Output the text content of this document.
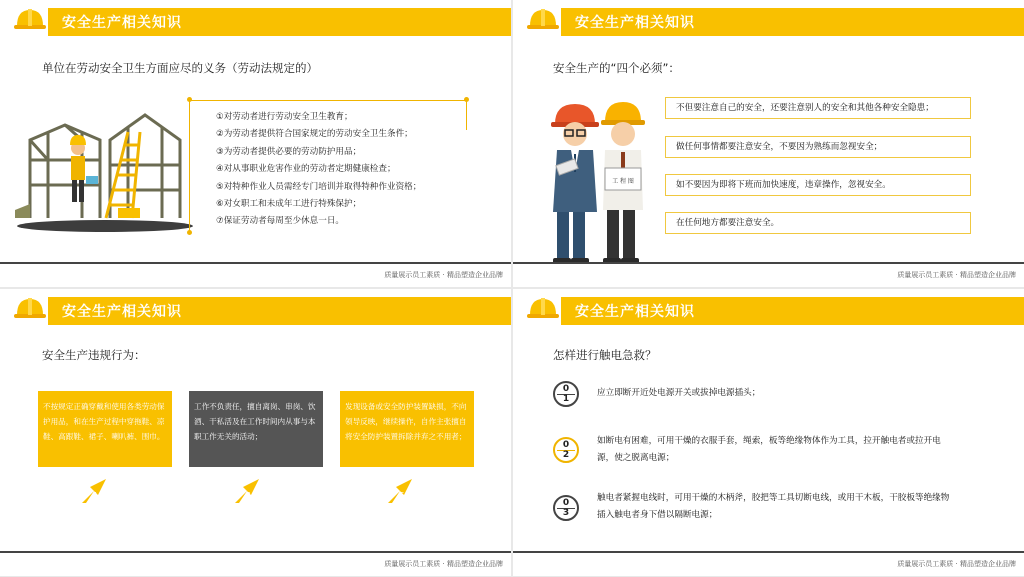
安全生产相关知识
单位在劳动安全卫生方面应尽的义务（劳动法规定的）
①对劳动者进行劳动安全卫生教育；
②为劳动者提供符合国家规定的劳动安全卫生条件；
③为劳动者提供必要的劳动防护用品；
④对从事职业危害作业的劳动者定期健康检查；
⑤对特种作业人员需经专门培训并取得特种作业资格；
⑥对女职工和未成年工进行特殊保护；
⑦保证劳动者每周至少休息一日。
质量展示员工素质 · 精品塑造企业品牌
安全生产相关知识
安全生产的“四个必须”：
工 程 图
不但要注意自己的安全，还要注意别人的安全和其他各种安全隐患；
做任何事情都要注意安全，不要因为熟练而忽视安全；
如不要因为即将下班而加快速度，违章操作，忽视安全。
在任何地方都要注意安全。
质量展示员工素质 · 精品塑造企业品牌
安全生产相关知识
安全生产违规行为：
不按规定正确穿戴和使用各类劳动保护用品，和在生产过程中穿拖鞋、凉鞋、高跟鞋、裙子、喇叭裤、围巾。
工作不负责任，擅自离岗、串岗、饮酒、干私活及在工作时间内从事与本职工作无关的活动；
发现设备或安全防护装置缺损，不向领导反映，继续操作，自作主张擅自将安全防护装置拆除并弃之不用者；
A	B	C
质量展示员工素质 · 精品塑造企业品牌
安全生产相关知识
怎样进行触电急救？
0
1
应立即断开近处电源开关或拔掉电源插头；
0
2
如断电有困难，可用干燥的衣服手套，绳索，板等绝缘物体作为工具，拉开触电者或拉开电源，使之脱离电源；
0
3
触电者紧握电线时，可用干燥的木柄斧，胶把等工具切断电线，或用干木板，干胶板等绝缘物插入触电者身下借以隔断电源；
质量展示员工素质 · 精品塑造企业品牌
